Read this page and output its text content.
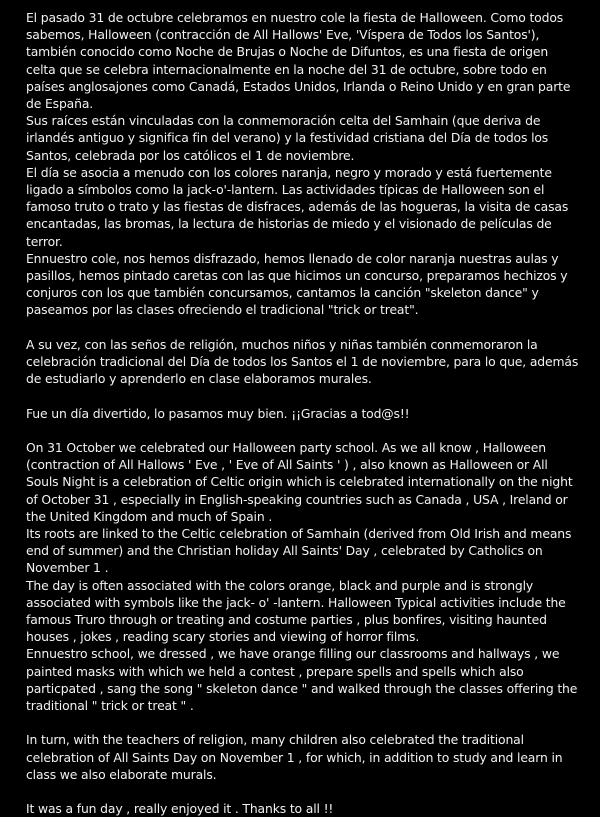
El pasado 31 de octubre celebramos en nuestro cole la fiesta de Halloween. Como todos sabemos, Halloween (contracción de All Hallows' Eve, 'Víspera de Todos los Santos'), también conocido como Noche de Brujas o Noche de Difuntos, es una fiesta de origen celta que se celebra internacionalmente en la noche del 31 de octubre, sobre todo en países anglosajones como Canadá, Estados Unidos, Irlanda o Reino Unido y en gran parte de España.

Sus raíces están vinculadas con la conmemoración celta del Samhain (que deriva de irlandés antiguo y significa fin del verano) y la festividad cristiana del Día de todos los Santos, celebrada por los católicos el 1 de noviembre.

El día se asocia a menudo con los colores naranja, negro y morado y está fuertemente ligado a símbolos como la jack-o'-lantern. Las actividades típicas de Halloween son el famoso truto o trato y las fiestas de disfraces, además de las hogueras, la visita de casas encantadas, las bromas, la lectura de historias de miedo y el visionado de películas de terror.

Ennuestro cole, nos hemos disfrazado, hemos llenado de color naranja nuestras aulas y pasillos, hemos pintado caretas con las que hicimos un concurso, preparamos hechizos y conjuros con los que también concursamos, cantamos la canción "skeleton dance" y paseamos por las clases ofreciendo el tradicional "trick or treat".

A su vez, con las seños de religión, muchos niños y niñas también conmemoraron la celebración tradicional del Día de todos los Santos el 1 de noviembre, para lo que, además de estudiarlo y aprenderlo en clase elaboramos murales.

Fue un día divertido, lo pasamos muy bien. ¡¡Gracias a tod@s!!

On 31 October we celebrated our Halloween party school. As we all know , Halloween (contraction of All Hallows ' Eve , ' Eve of All Saints ' ) , also known as Halloween or All Souls Night is a celebration of Celtic origin which is celebrated internationally on the night of October 31 , especially in English-speaking countries such as Canada , USA , Ireland or the United Kingdom and much of Spain .

Its roots are linked to the Celtic celebration of Samhain (derived from Old Irish and means end of summer) and the Christian holiday All Saints' Day , celebrated by Catholics on November 1 .

The day is often associated with the colors orange, black and purple and is strongly associated with symbols like the jack- o' -lantern. Halloween Typical activities include the famous Truro through or treating and costume parties , plus bonfires, visiting haunted houses , jokes , reading scary stories and viewing of horror films.

Ennuestro school, we dressed , we have orange filling our classrooms and hallways , we painted masks with which we held a contest , prepare spells and spells which also particpated , sang the song " skeleton dance " and walked through the classes offering the traditional " trick or treat " .

In turn, with the teachers of religion, many children also celebrated the traditional celebration of All Saints Day on November 1 , for which, in addition to study and learn in class we also elaborate murals.

It was a fun day , really enjoyed it . Thanks to all !!
